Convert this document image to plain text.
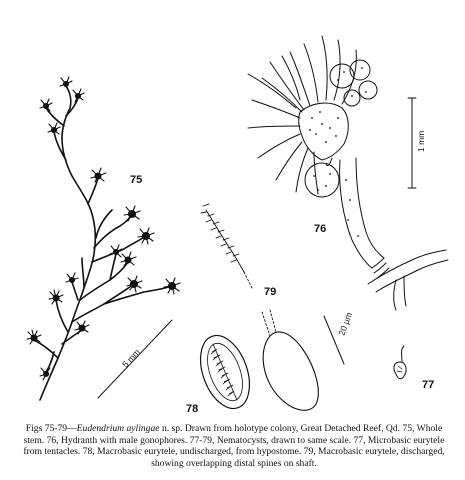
75
5 mm
76
1 mm
79
20 µm
78
77
Figs 75-79—Eudendrium aylingae n. sp. Drawn from holotype colony, Great Detached Reef, Qd. 75, Whole stem. 76, Hydranth with male gonophores. 77-79, Nematocysts, drawn to same scale. 77, Microbasic eurytele from tentacles. 78, Macrobasic eurytele, undischarged, from hypostome. 79, Macrobasic eurytele, discharged, showing overlapping distal spines on shaft.
